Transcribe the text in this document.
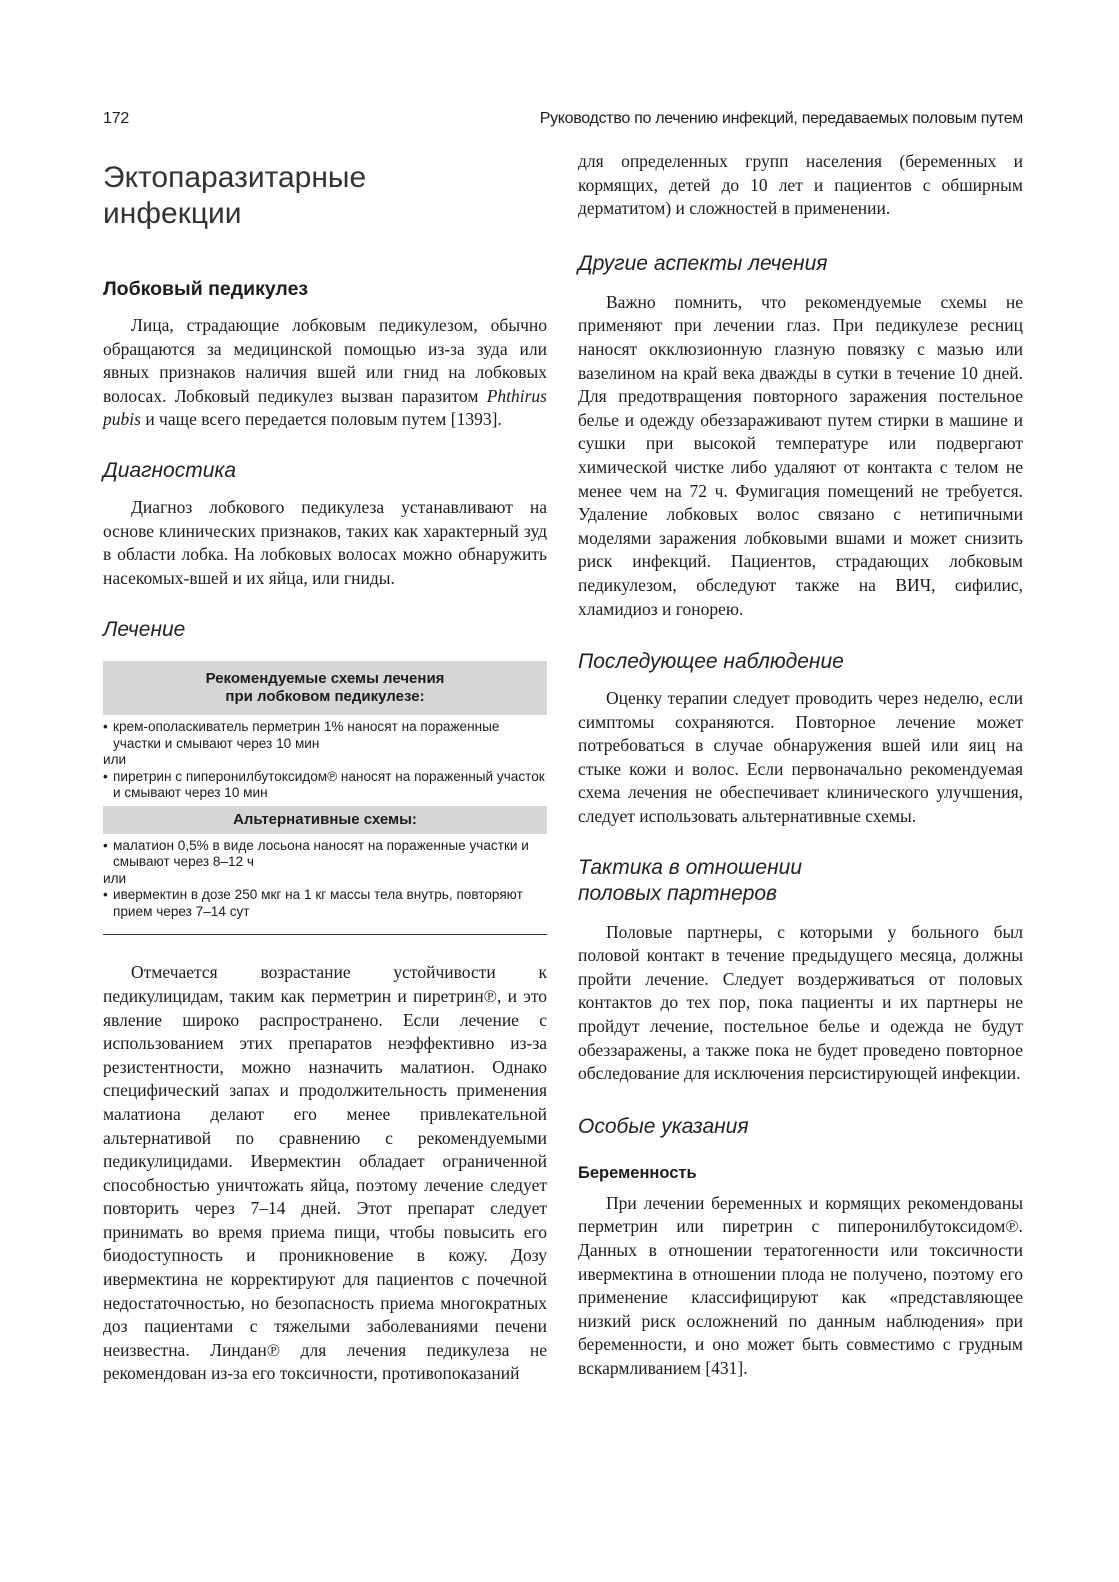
172	Руководство по лечению инфекций, передаваемых половым путем
Эктопаразитарные
инфекции
Лобковый педикулез

Лица, страдающие лобковым педикулезом, обычно обращаются за медицинской помощью из-за зуда или явных признаков наличия вшей или гнид на лобковых волосах. Лобковый педикулез вызван паразитом Phthirus pubis и чаще всего передается половым путем [1393].

Диагностика

Диагноз лобкового педикулеза устанавливают на основе клинических признаков, таких как характерный зуд в области лобка. На лобковых волосах можно обнаружить насекомых-вшей и их яйца, или гниды.

Лечение
Рекомендуемые схемы лечения
при лобковом педикулезе:
• крем-ополаскиватель перметрин 1% наносят на пораженные участки и смывают через 10 мин
или
• пиретрин с пиперонилбутоксидом℗ наносят на пораженный участок и смывают через 10 мин
Альтернативные схемы:
• малатион 0,5% в виде лосьона наносят на пораженные участки и смывают через 8–12 ч
или
• ивермектин в дозе 250 мкг на 1 кг массы тела внутрь, повторяют прием через 7–14 сут

Отмечается возрастание устойчивости к педикулицидам, таким как перметрин и пиретрин℗, и это явление широко распространено. Если лечение с использованием этих препаратов неэффективно из-за резистентности, можно назначить малатион. Однако специфический запах и продолжительность применения малатиона делают его менее привлекательной альтернативой по сравнению с рекомендуемыми педикулицидами. Ивермектин обладает ограниченной способностью уничтожать яйца, поэтому лечение следует повторить через 7–14 дней. Этот препарат следует принимать во время приема пищи, чтобы повысить его биодоступность и проникновение в кожу. Дозу ивермектина не корректируют для пациентов с почечной недостаточностью, но безопасность приема многократных доз пациентами с тяжелыми заболеваниями печени неизвестна. Линдан℗ для лечения педикулеза не рекомендован из-за его токсичности, противопоказаний

для определенных групп населения (беременных и кормящих, детей до 10 лет и пациентов с обширным дерматитом) и сложностей в применении.

Другие аспекты лечения

Важно помнить, что рекомендуемые схемы не применяют при лечении глаз. При педикулезе ресниц наносят окклюзионную глазную повязку с мазью или вазелином на край века дважды в сутки в течение 10 дней. Для предотвращения повторного заражения постельное белье и одежду обеззараживают путем стирки в машине и сушки при высокой температуре или подвергают химической чистке либо удаляют от контакта с телом не менее чем на 72 ч. Фумигация помещений не требуется. Удаление лобковых волос связано с нетипичными моделями заражения лобковыми вшами и может снизить риск инфекций. Пациентов, страдающих лобковым педикулезом, обследуют также на ВИЧ, сифилис, хламидиоз и гонорею.

Последующее наблюдение

Оценку терапии следует проводить через неделю, если симптомы сохраняются. Повторное лечение может потребоваться в случае обнаружения вшей или яиц на стыке кожи и волос. Если первоначально рекомендуемая схема лечения не обеспечивает клинического улучшения, следует использовать альтернативные схемы.

Тактика в отношении
половых партнеров

Половые партнеры, с которыми у больного был половой контакт в течение предыдущего месяца, должны пройти лечение. Следует воздерживаться от половых контактов до тех пор, пока пациенты и их партнеры не пройдут лечение, постельное белье и одежда не будут обеззаражены, а также пока не будет проведено повторное обследование для исключения персистирующей инфекции.

Особые указания
Беременность

При лечении беременных и кормящих рекомендованы перметрин или пиретрин с пиперонилбутоксидом℗. Данных в отношении тератогенности или токсичности ивермектина в отношении плода не получено, поэтому его применение классифицируют как «представляющее низкий риск осложнений по данным наблюдения» при беременности, и оно может быть совместимо с грудным вскармливанием [431].
